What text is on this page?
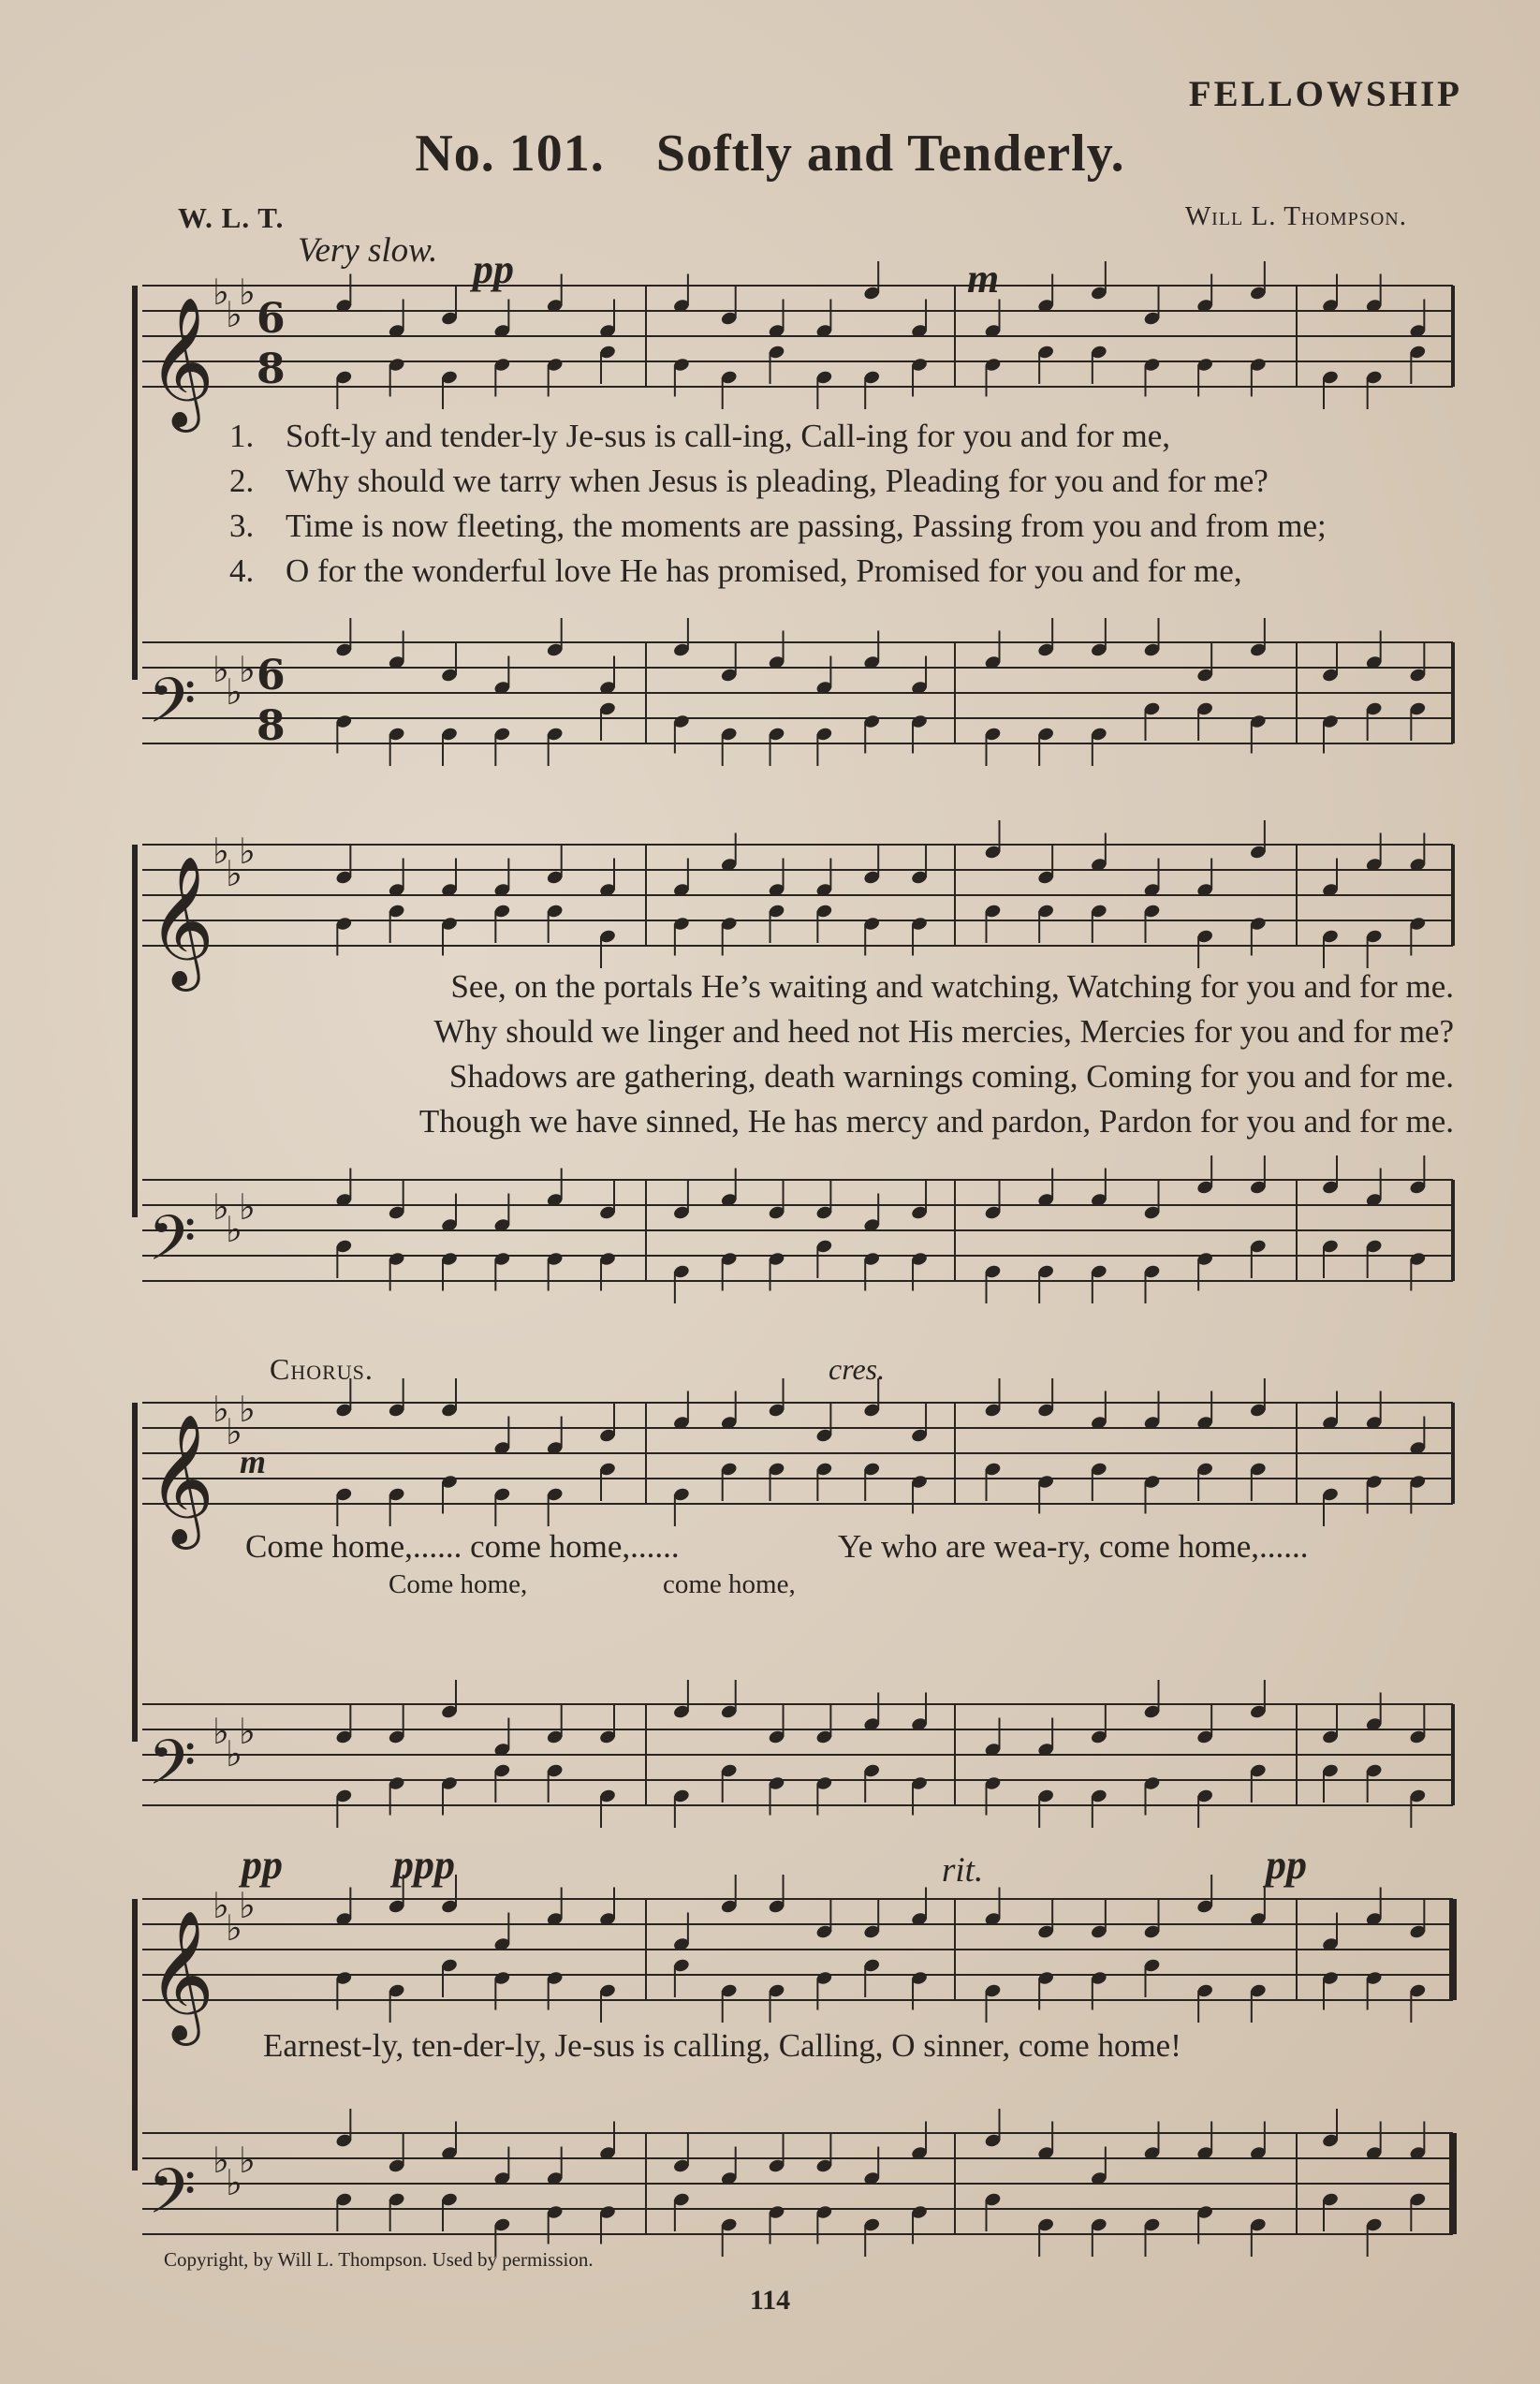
FELLOWSHIP
No. 101. Softly and Tenderly.
W. L. T.	Will L. Thompson.
Very slow. pp	m
𝄞
♭
♭
♭
6
8
𝄢 ♭
♭
♭ 6
8
𝄞
♭
♭
♭
𝄢 ♭
♭
♭
𝄞
♭
♭
♭
𝄢 ♭
♭
♭
𝄞
♭
♭
♭
𝄢 ♭
♭
♭
1. Soft-ly and tender-ly Je-sus is call-ing, Call-ing for you and for me,
2. Why should we tarry when Jesus is pleading, Pleading for you and for me?
3. Time is now fleeting, the moments are passing, Passing from you and from me;
4. O for the wonderful love He has promised, Promised for you and for me,
See, on the portals He’s waiting and watching, Watching for you and for me.
Why should we linger and heed not His mercies, Mercies for you and for me?
Shadows are gathering, death warnings coming, Coming for you and for me.
Though we have sinned, He has mercy and pardon, Pardon for you and for me.
Chorus.
m
cres.
Come home,...... come home,......	Ye who are wea-ry, come home,......
Come home,	come home,
pp	ppp	rit.	pp
Earnest-ly, ten-der-ly, Je-sus is calling, Calling, O sinner, come home!
Copyright, by Will L. Thompson. Used by permission.
114
